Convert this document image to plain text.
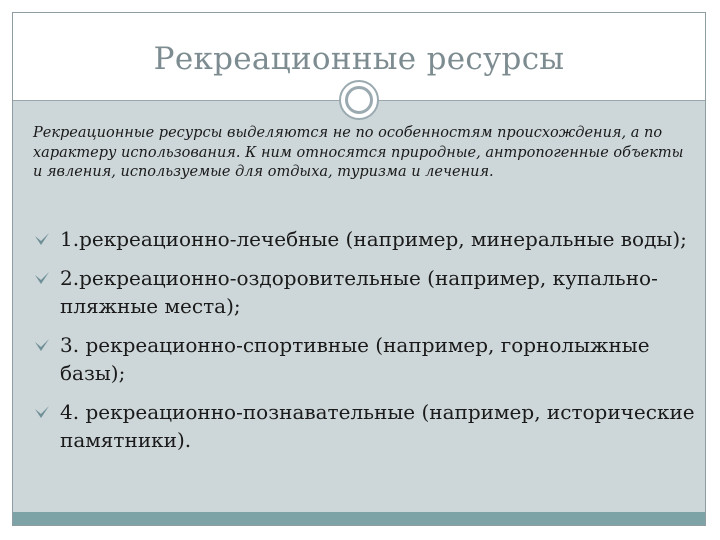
Рекреационные ресурсы

Рекреационные ресурсы выделяются не по особенностям происхождения, а по характеру использования. К ним относятся природные, антропогенные объекты и явления, используемые для отдыха, туризма и лечения.

1.рекреационно-лечебные (например, минеральные воды);
2.рекреационно-оздоровительные (например, купально-пляжные места);
3. рекреационно-спортивные (например, горнолыжные базы);
4. рекреационно-познавательные (например, исторические памятники).
